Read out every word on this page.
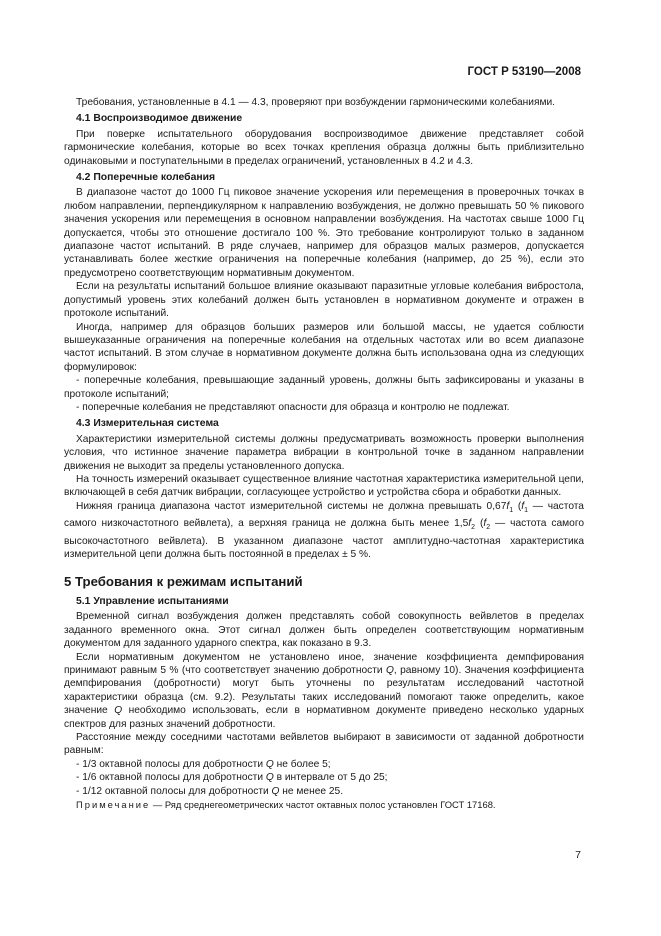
ГОСТ Р 53190—2008

Требования, установленные в 4.1 — 4.3, проверяют при возбуждении гармоническими колебаниями.

4.1 Воспроизводимое движение

При поверке испытательного оборудования воспроизводимое движение представляет собой гармонические колебания, которые во всех точках крепления образца должны быть приблизительно одинаковыми и поступательными в пределах ограничений, установленных в 4.2 и 4.3.

4.2 Поперечные колебания

В диапазоне частот до 1000 Гц пиковое значение ускорения или перемещения в проверочных точках в любом направлении, перпендикулярном к направлению возбуждения, не должно превышать 50 % пикового значения ускорения или перемещения в основном направлении возбуждения. На частотах свыше 1000 Гц допускается, чтобы это отношение достигало 100 %. Это требование контролируют только в заданном диапазоне частот испытаний. В ряде случаев, например для образцов малых размеров, допускается устанавливать более жесткие ограничения на поперечные колебания (например, до 25 %), если это предусмотрено соответствующим нормативным документом.

Если на результаты испытаний большое влияние оказывают паразитные угловые колебания вибростола, допустимый уровень этих колебаний должен быть установлен в нормативном документе и отражен в протоколе испытаний.

Иногда, например для образцов больших размеров или большой массы, не удается соблюсти вышеуказанные ограничения на поперечные колебания на отдельных частотах или во всем диапазоне частот испытаний. В этом случае в нормативном документе должна быть использована одна из следующих формулировок:

- поперечные колебания, превышающие заданный уровень, должны быть зафиксированы и указаны в протоколе испытаний;

- поперечные колебания не представляют опасности для образца и контролю не подлежат.

4.3 Измерительная система

Характеристики измерительной системы должны предусматривать возможность проверки выполнения условия, что истинное значение параметра вибрации в контрольной точке в заданном направлении движения не выходит за пределы установленного допуска.

На точность измерений оказывает существенное влияние частотная характеристика измерительной цепи, включающей в себя датчик вибрации, согласующее устройство и устройства сбора и обработки данных.

Нижняя граница диапазона частот измерительной системы не должна превышать $0,67f_1$ ($f_1$ — частота самого низкочастотного вейвлета), а верхняя граница не должна быть менее $1,5f_2$ ($f_2$ — частота самого высокочастотного вейвлета). В указанном диапазоне частот амплитудно-частотная характеристика измерительной цепи должна быть постоянной в пределах ± 5 %.

5 Требования к режимам испытаний
5.1 Управление испытаниями

Временной сигнал возбуждения должен представлять собой совокупность вейвлетов в пределах заданного временного окна. Этот сигнал должен быть определен соответствующим нормативным документом для заданного ударного спектра, как показано в 9.3.

Если нормативным документом не установлено иное, значение коэффициента демпфирования принимают равным 5 % (что соответствует значению добротности Q, равному 10). Значения коэффициента демпфирования (добротности) могут быть уточнены по результатам исследований частотной характеристики образца (см. 9.2). Результаты таких исследований помогают также определить, какое значение Q необходимо использовать, если в нормативном документе приведено несколько ударных спектров для разных значений добротности.

Расстояние между соседними частотами вейвлетов выбирают в зависимости от заданной добротности равным:

- 1/3 октавной полосы для добротности Q не более 5;

- 1/6 октавной полосы для добротности Q в интервале от 5 до 25;

- 1/12 октавной полосы для добротности Q не менее 25.

Примечание — Ряд среднегеометрических частот октавных полос установлен ГОСТ 17168.

7
